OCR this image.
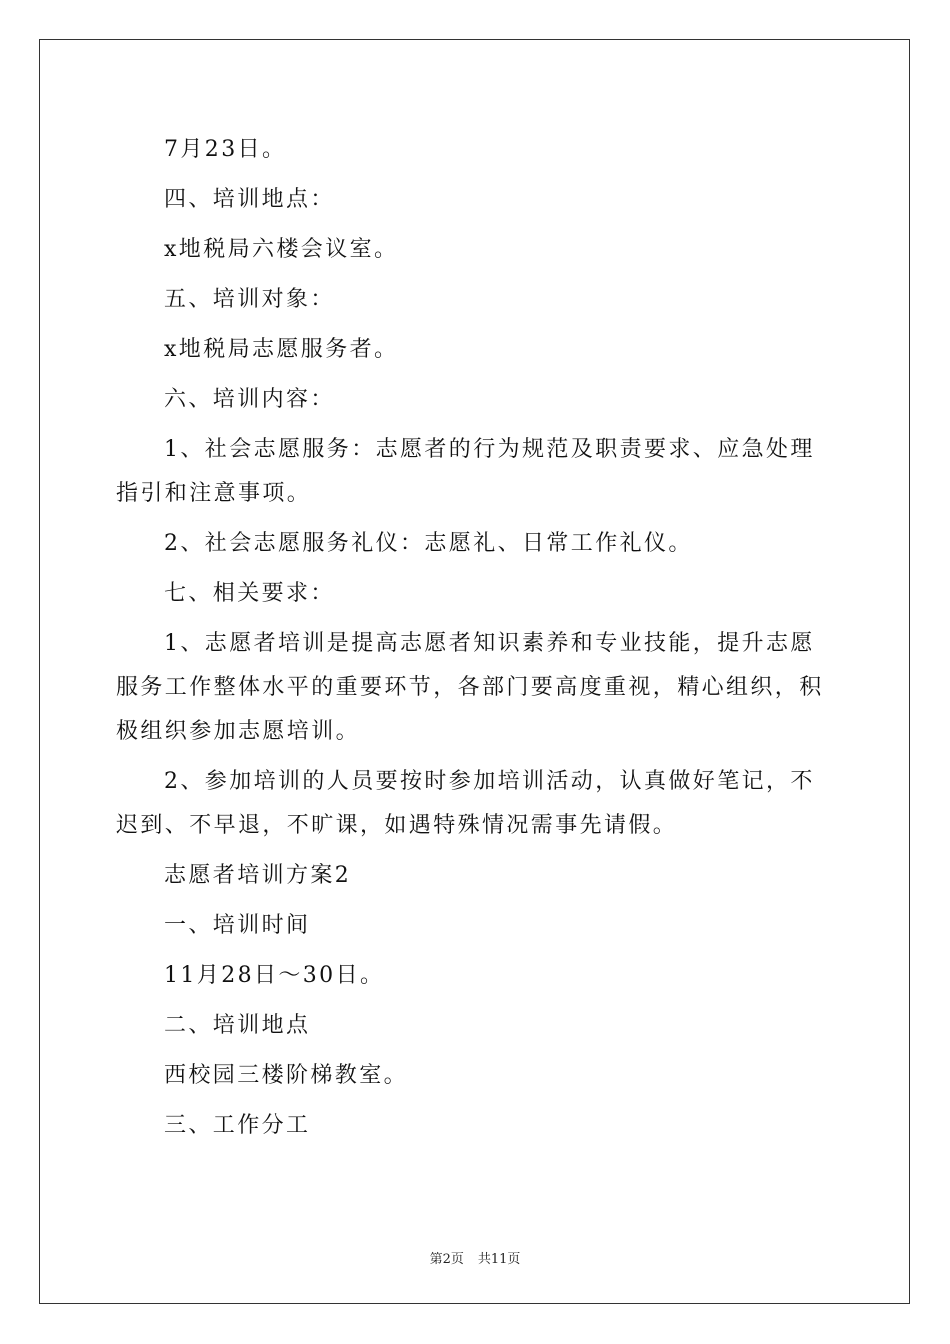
7月23日。

四、培训地点：

x地税局六楼会议室。

五、培训对象：

x地税局志愿服务者。

六、培训内容：

1、社会志愿服务：志愿者的行为规范及职责要求、应急处理指引和注意事项。

2、社会志愿服务礼仪：志愿礼、日常工作礼仪。

七、相关要求：

1、志愿者培训是提高志愿者知识素养和专业技能，提升志愿服务工作整体水平的重要环节，各部门要高度重视，精心组织，积极组织参加志愿培训。

2、参加培训的人员要按时参加培训活动，认真做好笔记，不迟到、不早退，不旷课，如遇特殊情况需事先请假。

志愿者培训方案2

一、培训时间

11月28日～30日。

二、培训地点

西校园三楼阶梯教室。

三、工作分工

第2页 共11页
